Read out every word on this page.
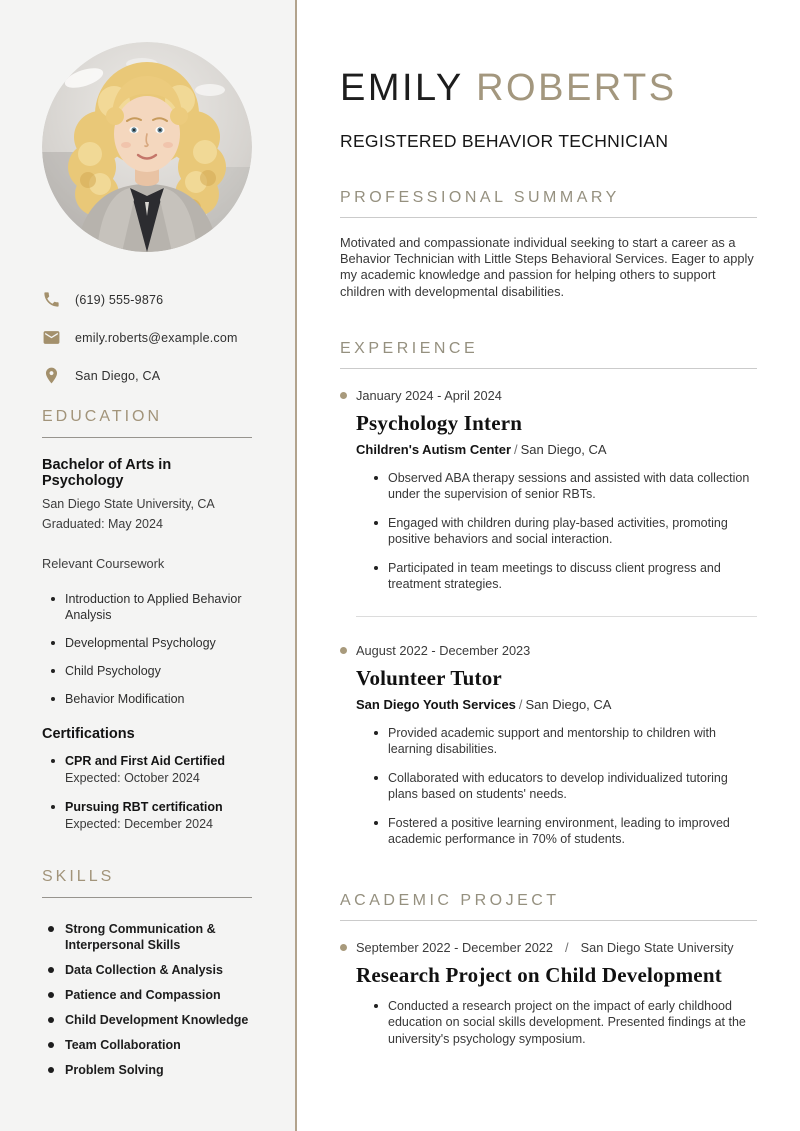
(619) 555-9876
emily.roberts@example.com
San Diego, CA
EDUCATION
Bachelor of Arts in Psychology
San Diego State University, CA
Graduated: May 2024
Relevant Coursework
Introduction to Applied Behavior Analysis
Developmental Psychology
Child Psychology
Behavior Modification
Certifications
CPR and First Aid Certified Expected: October 2024
Pursuing RBT certification Expected: December 2024
SKILLS
Strong Communication & Interpersonal Skills
Data Collection & Analysis
Patience and Compassion
Child Development Knowledge
Team Collaboration
Problem Solving
EMILY ROBERTS
REGISTERED BEHAVIOR TECHNICIAN
PROFESSIONAL SUMMARY

Motivated and compassionate individual seeking to start a career as a Behavior Technician with Little Steps Behavioral Services. Eager to apply my academic knowledge and passion for helping others to support children with developmental disabilities.

EXPERIENCE
January 2024 - April 2024
Psychology Intern
Children's Autism Center / San Diego, CA
Observed ABA therapy sessions and assisted with data collection under the supervision of senior RBTs.
Engaged with children during play-based activities, promoting positive behaviors and social interaction.
Participated in team meetings to discuss client progress and treatment strategies.
August 2022 - December 2023
Volunteer Tutor
San Diego Youth Services / San Diego, CA
Provided academic support and mentorship to children with learning disabilities.
Collaborated with educators to develop individualized tutoring plans based on students' needs.
Fostered a positive learning environment, leading to improved academic performance in 70% of students.
ACADEMIC PROJECT
September 2022 - December 2022 / San Diego State University
Research Project on Child Development
Conducted a research project on the impact of early childhood education on social skills development. Presented findings at the university's psychology symposium.
